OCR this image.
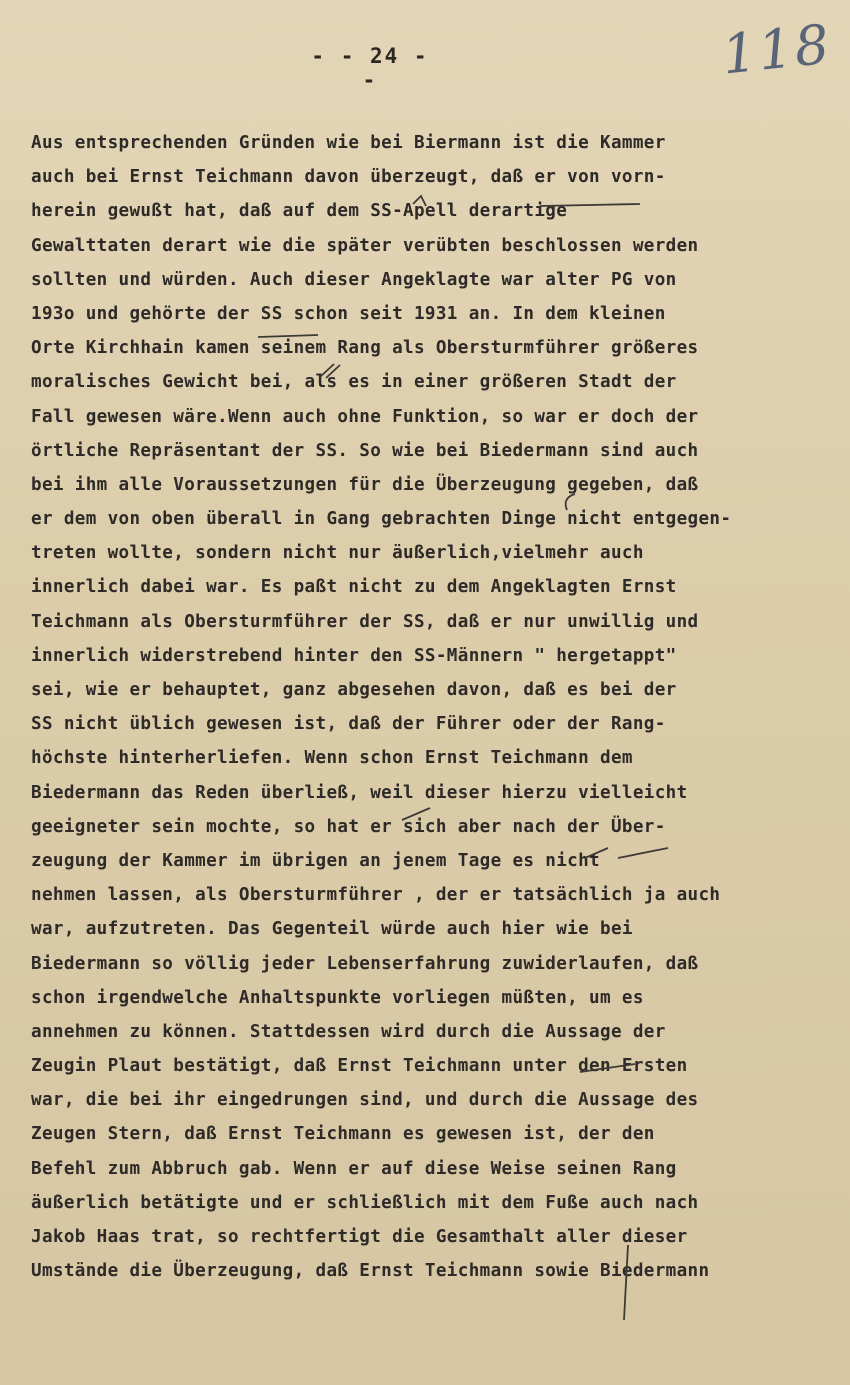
- - 24 - -	118
Aus entsprechenden Gründen wie bei Biermann ist die Kammer
auch bei Ernst Teichmann davon überzeugt, daß er von vorn-
herein gewußt hat, daß auf dem SS-Apell derartige
Gewalttaten derart wie die später verübten beschlossen werden
sollten und würden. Auch dieser Angeklagte war alter PG von
193o und gehörte der SS schon seit 1931 an. In dem kleinen
Orte Kirchhain kamen seinem Rang als Obersturmführer größeres
moralisches Gewicht bei, als es in einer größeren Stadt der
Fall gewesen wäre.Wenn auch ohne Funktion, so war er doch der
örtliche Repräsentant der SS. So wie bei Biedermann sind auch
bei ihm alle Voraussetzungen für die Überzeugung gegeben, daß
er dem von oben überall in Gang gebrachten Dinge nicht entgegen-
treten wollte, sondern nicht nur äußerlich,vielmehr auch
innerlich dabei war. Es paßt nicht zu dem Angeklagten Ernst
Teichmann als Obersturmführer der SS, daß er nur unwillig und
innerlich widerstrebend hinter den SS-Männern " hergetappt"
sei, wie er behauptet, ganz abgesehen davon, daß es bei der
SS nicht üblich gewesen ist, daß der Führer oder der Rang-
höchste hinterherliefen. Wenn schon Ernst Teichmann dem
Biedermann das Reden überließ, weil dieser hierzu vielleicht
geeigneter sein mochte, so hat er sich aber nach der Über-
zeugung der Kammer im übrigen an jenem Tage es nicht
nehmen lassen, als Obersturmführer , der er tatsächlich ja auch
war, aufzutreten. Das Gegenteil würde auch hier wie bei
Biedermann so völlig jeder Lebenserfahrung zuwiderlaufen, daß
schon irgendwelche Anhaltspunkte vorliegen müßten, um es
annehmen zu können. Stattdessen wird durch die Aussage der
Zeugin Plaut bestätigt, daß Ernst Teichmann unter den Ersten
war, die bei ihr eingedrungen sind, und durch die Aussage des
Zeugen Stern, daß Ernst Teichmann es gewesen ist, der den
Befehl zum Abbruch gab. Wenn er auf diese Weise seinen Rang
äußerlich betätigte und er schließlich mit dem Fuße auch nach
Jakob Haas trat, so rechtfertigt die Gesamthalt aller dieser
Umstände die Überzeugung, daß Ernst Teichmann sowie Biedermann
